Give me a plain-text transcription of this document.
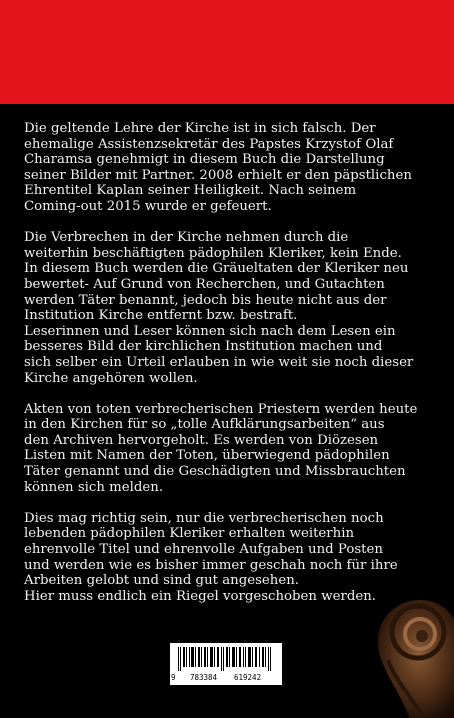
Die geltende Lehre der Kirche ist in sich falsch. Der
ehemalige Assistenzsekretär des Papstes Krzystof Olaf
Charamsa genehmigt in diesem Buch die Darstellung
seiner Bilder mit Partner. 2008 erhielt er den päpstlichen
Ehrentitel Kaplan seiner Heiligkeit. Nach seinem
Coming-out 2015 wurde er gefeuert.

Die Verbrechen in der Kirche nehmen durch die
weiterhin beschäftigten pädophilen Kleriker, kein Ende.
In diesem Buch werden die Gräueltaten der Kleriker neu
bewertet- Auf Grund von Recherchen, und Gutachten
werden Täter benannt, jedoch bis heute nicht aus der
Institution Kirche entfernt bzw. bestraft.
Leserinnen und Leser können sich nach dem Lesen ein
besseres Bild der kirchlichen Institution machen und
sich selber ein Urteil erlauben in wie weit sie noch dieser
Kirche angehören wollen.

Akten von toten verbrecherischen Priestern werden heute
in den Kirchen für so „tolle Aufklärungsarbeiten“ aus
den Archiven hervorgeholt. Es werden von Diözesen
Listen mit Namen der Toten, überwiegend pädophilen
Täter genannt und die Geschädigten und Missbrauchten
können sich melden.

Dies mag richtig sein, nur die verbrecherischen noch
lebenden pädophilen Kleriker erhalten weiterhin
ehrenvolle Titel und ehrenvolle Aufgaben und Posten
und werden wie es bisher immer geschah noch für ihre
Arbeiten gelobt und sind gut angesehen.
Hier muss endlich ein Riegel vorgeschoben werden.

9 783384 619242
